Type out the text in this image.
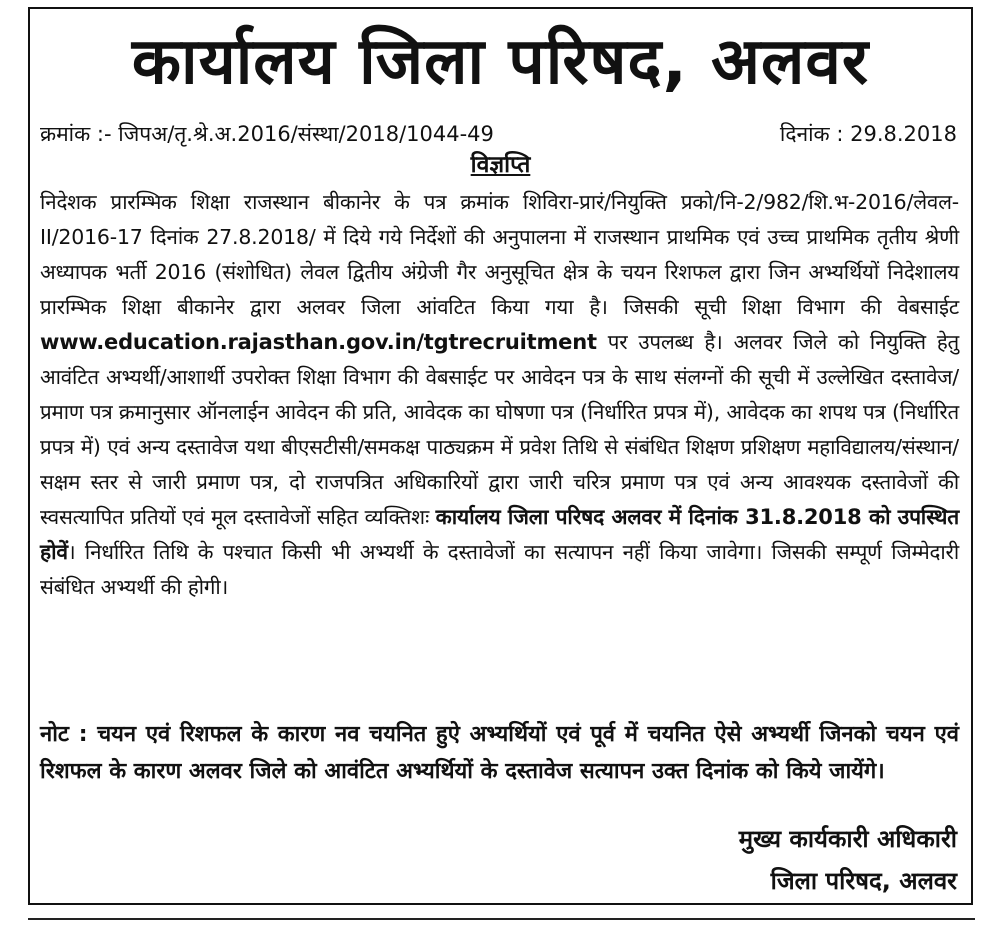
कार्यालय जिला परिषद, अलवर
क्रमांक :- जिपअ/तृ.श्रे.अ.2016/संस्था/2018/1044-49	दिनांक : 29.8.2018
विज्ञप्ति

निदेशक प्रारम्भिक शिक्षा राजस्थान बीकानेर के पत्र क्रमांक शिविरा-प्रारं/नियुक्ति प्रको/नि-2/982/शि.भ-2016/लेवल-II/2016-17 दिनांक 27.8.2018/ में दिये गये निर्देशों की अनुपालना में राजस्थान प्राथमिक एवं उच्च प्राथमिक तृतीय श्रेणी अध्यापक भर्ती 2016 (संशोधित) लेवल द्वितीय अंग्रेजी गैर अनुसूचित क्षेत्र के चयन रिशफल द्वारा जिन अभ्यर्थियों निदेशालय प्रारम्भिक शिक्षा बीकानेर द्वारा अलवर जिला आंवटित किया गया है। जिसकी सूची शिक्षा विभाग की वेबसाईट www.education.rajasthan.gov.in/tgtrecruitment पर उपलब्ध है। अलवर जिले को नियुक्ति हेतु आवंटित अभ्यर्थी/आशार्थी उपरोक्त शिक्षा विभाग की वेबसाईट पर आवेदन पत्र के साथ संलग्नों की सूची में उल्लेखित दस्तावेज/प्रमाण पत्र क्रमानुसार ऑनलाईन आवेदन की प्रति, आवेदक का घोषणा पत्र (निर्धारित प्रपत्र में), आवेदक का शपथ पत्र (निर्धारित प्रपत्र में) एवं अन्य दस्तावेज यथा बीएसटीसी/समकक्ष पाठ्यक्रम में प्रवेश तिथि से संबंधित शिक्षण प्रशिक्षण महाविद्यालय/संस्थान/सक्षम स्तर से जारी प्रमाण पत्र, दो राजपत्रित अधिकारियों द्वारा जारी चरित्र प्रमाण पत्र एवं अन्य आवश्यक दस्तावेजों की स्वसत्यापित प्रतियों एवं मूल दस्तावेजों सहित व्यक्तिशः कार्यालय जिला परिषद अलवर में दिनांक 31.8.2018 को उपस्थित होवें। निर्धारित तिथि के पश्चात किसी भी अभ्यर्थी के दस्तावेजों का सत्यापन नहीं किया जावेगा। जिसकी सम्पूर्ण जिम्मेदारी संबंधित अभ्यर्थी की होगी।

नोट : चयन एवं रिशफल के कारण नव चयनित हुऐ अभ्यर्थियों एवं पूर्व में चयनित ऐसे अभ्यर्थी जिनको चयन एवं रिशफल के कारण अलवर जिले को आवंटित अभ्यर्थियों के दस्तावेज सत्यापन उक्त दिनांक को किये जायेंगे।

मुख्य कार्यकारी अधिकारी
जिला परिषद, अलवर
